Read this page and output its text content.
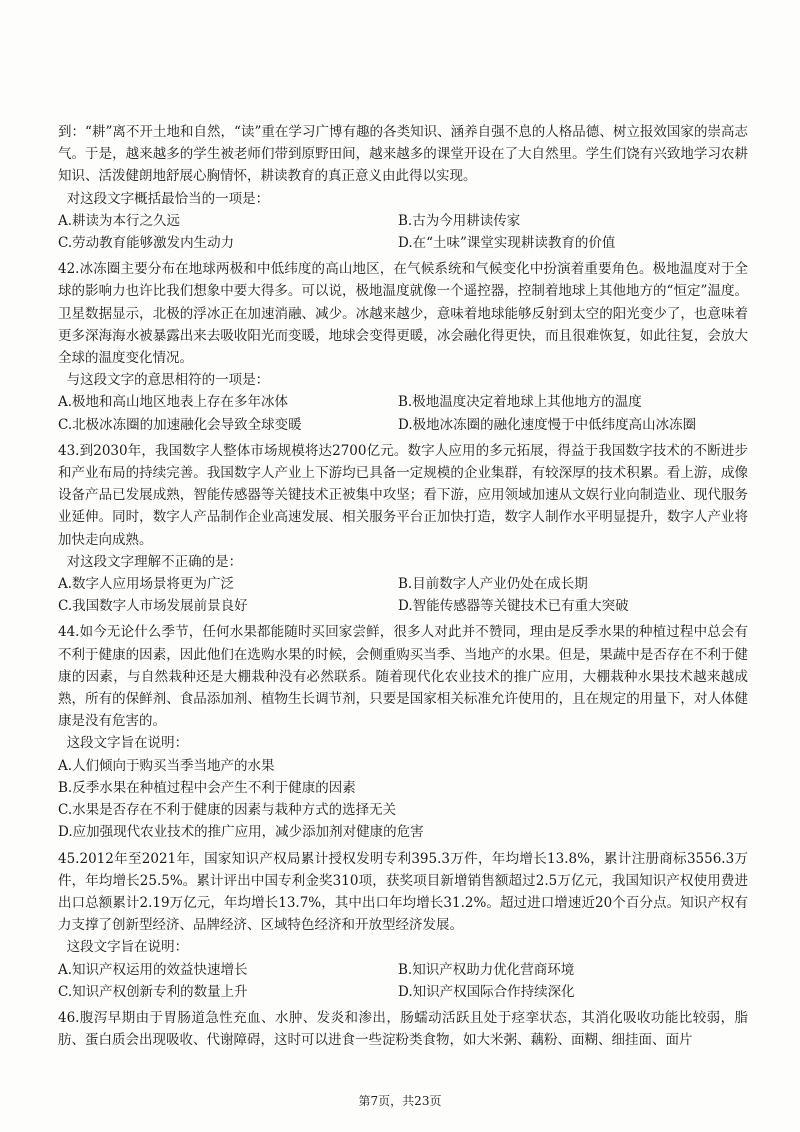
到：“耕”离不开土地和自然，“读”重在学习广博有趣的各类知识、涵养自强不息的人格品德、树立报效国家的崇高志气。于是，越来越多的学生被老师们带到原野田间，越来越多的课堂开设在了大自然里。学生们饶有兴致地学习农耕知识、活泼健朗地舒展心胸情怀，耕读教育的真正意义由此得以实现。

对这段文字概括最恰当的一项是：

A.耕读为本行之久远	B.古为今用耕读传家
C.劳动教育能够激发内生动力	D.在“土味”课堂实现耕读教育的价值

42.冰冻圈主要分布在地球两极和中低纬度的高山地区，在气候系统和气候变化中扮演着重要角色。极地温度对于全球的影响力也许比我们想象中要大得多。可以说，极地温度就像一个遥控器，控制着地球上其他地方的“恒定”温度。卫星数据显示，北极的浮冰正在加速消融、减少。冰越来越少，意味着地球能够反射到太空的阳光变少了，也意味着更多深海海水被暴露出来去吸收阳光而变暖，地球会变得更暖，冰会融化得更快，而且很难恢复，如此往复，会放大全球的温度变化情况。

与这段文字的意思相符的一项是：

A.极地和高山地区地表上存在多年冰体	B.极地温度决定着地球上其他地方的温度
C.北极冰冻圈的加速融化会导致全球变暖	D.极地冰冻圈的融化速度慢于中低纬度高山冰冻圈

43.到2030年，我国数字人整体市场规模将达2700亿元。数字人应用的多元拓展，得益于我国数字技术的不断进步和产业布局的持续完善。我国数字人产业上下游均已具备一定规模的企业集群，有较深厚的技术积累。看上游，成像设备产品已发展成熟，智能传感器等关键技术正被集中攻坚；看下游，应用领域加速从文娱行业向制造业、现代服务业延伸。同时，数字人产品制作企业高速发展、相关服务平台正加快打造，数字人制作水平明显提升，数字人产业将加快走向成熟。

对这段文字理解不正确的是：

A.数字人应用场景将更为广泛	B.目前数字人产业仍处在成长期
C.我国数字人市场发展前景良好	D.智能传感器等关键技术已有重大突破

44.如今无论什么季节，任何水果都能随时买回家尝鲜，很多人对此并不赞同，理由是反季水果的种植过程中总会有不利于健康的因素，因此他们在选购水果的时候，会侧重购买当季、当地产的水果。但是，果蔬中是否存在不利于健康的因素，与自然栽种还是大棚栽种没有必然联系。随着现代化农业技术的推广应用，大棚栽种水果技术越来越成熟，所有的保鲜剂、食品添加剂、植物生长调节剂，只要是国家相关标准允许使用的，且在规定的用量下，对人体健康是没有危害的。

这段文字旨在说明：

A.人们倾向于购买当季当地产的水果
B.反季水果在种植过程中会产生不利于健康的因素
C.水果是否存在不利于健康的因素与栽种方式的选择无关
D.应加强现代农业技术的推广应用，减少添加剂对健康的危害

45.2012年至2021年，国家知识产权局累计授权发明专利395.3万件，年均增长13.8%，累计注册商标3556.3万件，年均增长25.5%。累计评出中国专利金奖310项，获奖项目新增销售额超过2.5万亿元，我国知识产权使用费进出口总额累计2.19万亿元，年均增长13.7%，其中出口年均增长31.2%。超过进口增速近20个百分点。知识产权有力支撑了创新型经济、品牌经济、区域特色经济和开放型经济发展。

这段文字旨在说明：

A.知识产权运用的效益快速增长	B.知识产权助力优化营商环境
C.知识产权创新专利的数量上升	D.知识产权国际合作持续深化

46.腹泻早期由于胃肠道急性充血、水肿、发炎和渗出，肠蠕动活跃且处于痉挛状态，其消化吸收功能比较弱，脂肪、蛋白质会出现吸收、代谢障碍，这时可以进食一些淀粉类食物，如大米粥、藕粉、面糊、细挂面、面片

第7页，共23页
